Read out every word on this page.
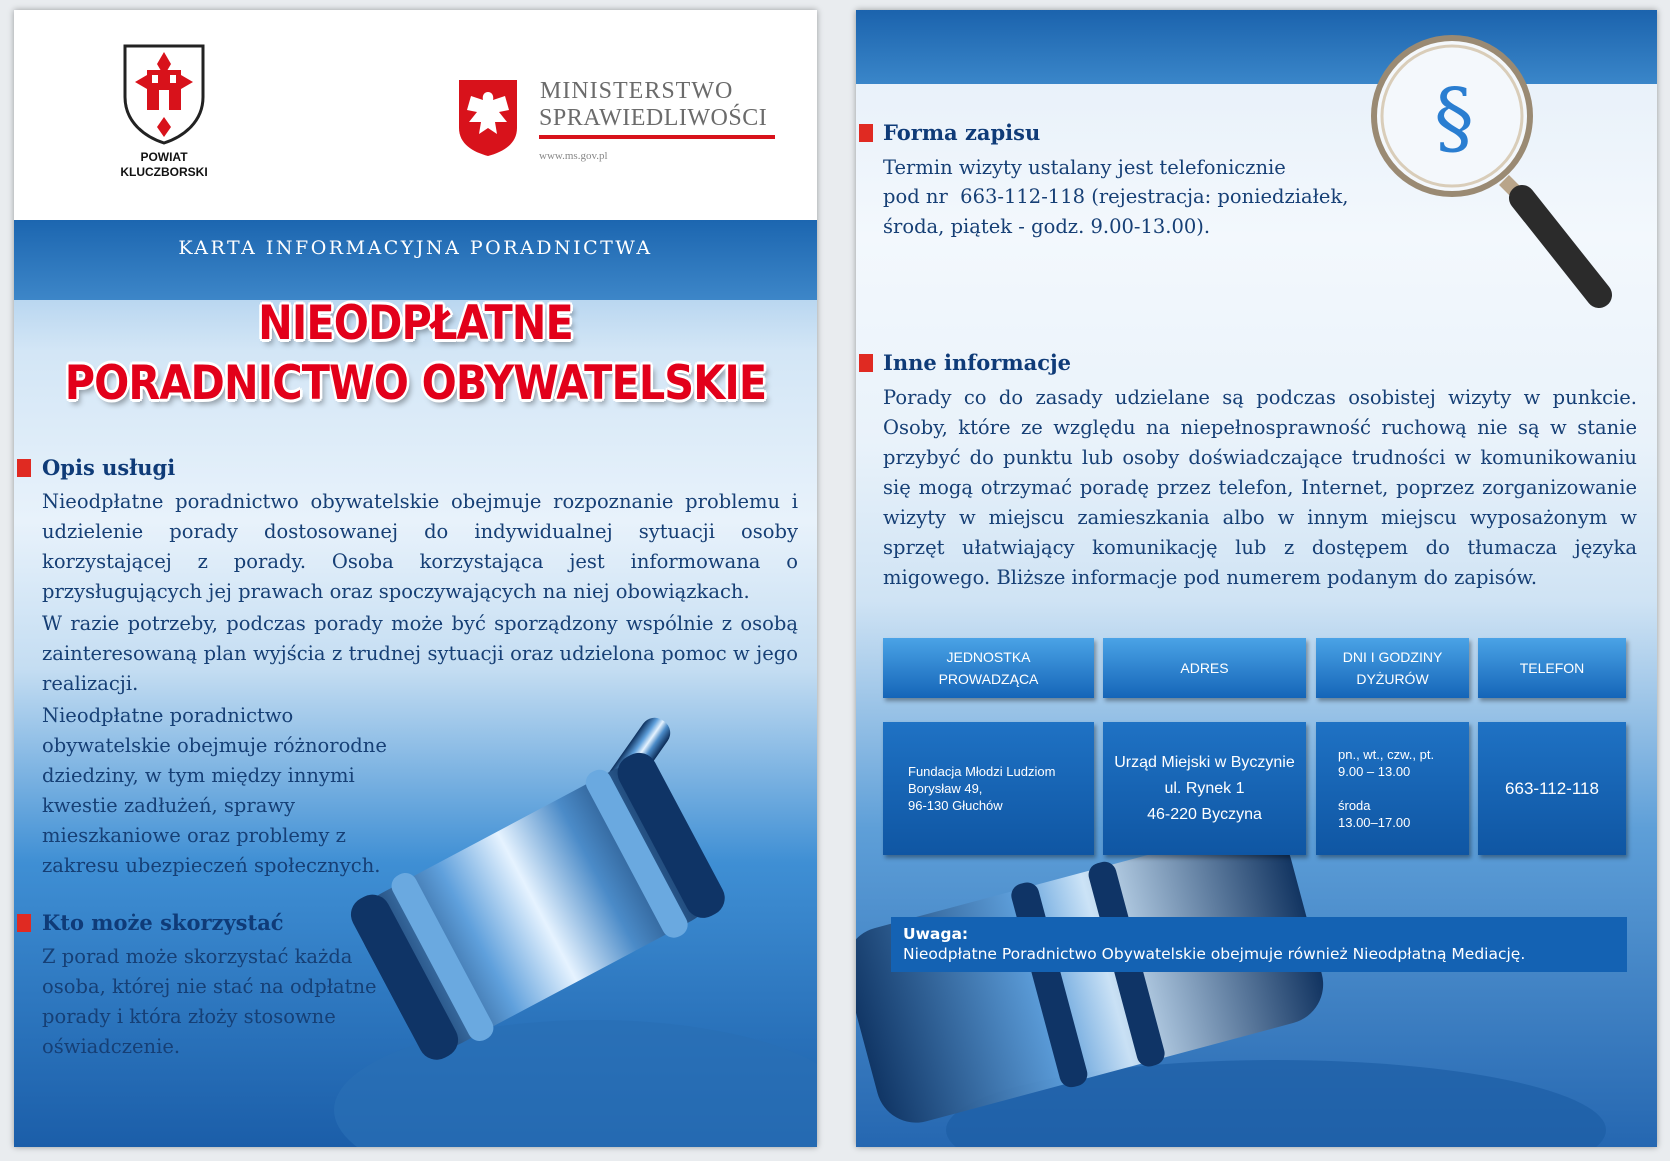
POWIAT
KLUCZBORSKI
MINISTERSTWO
SPRAWIEDLIWOŚCI
www.ms.gov.pl
KARTA INFORMACYJNA PORADNICTWA
NIEODPŁATNE
PORADNICTWO OBYWATELSKIE
Opis usługi
Nieodpłatne poradnictwo obywatelskie obejmuje rozpoznanie problemu i udzielenie porady dostosowanej do indywidualnej sytuacji osoby korzystającej z porady. Osoba korzystająca jest informowana o przysługujących jej prawach oraz spoczywających na niej obowiązkach.
W razie potrzeby, podczas porady może być sporządzony wspólnie z osobą zainteresowaną plan wyjścia z trudnej sytuacji oraz udzielona pomoc w jego realizacji.
Nieodpłatne poradnictwo obywatelskie obejmuje różnorodne dziedziny, w tym między innymi kwestie zadłużeń, sprawy mieszkaniowe oraz problemy z zakresu ubezpieczeń społecznych.
Kto może skorzystać
Z porad może skorzystać każda osoba, której nie stać na odpłatne porady i która złoży stosowne oświadczenie.
§
Forma zapisu
Termin wizyty ustalany jest telefonicznie
pod nr  663-112-118 (rejestracja: poniedziałek,
środa, piątek - godz. 9.00-13.00).
Inne informacje
Porady co do zasady udzielane są podczas osobistej wizyty w punkcie. Osoby, które ze względu na niepełnosprawność ruchową nie są w stanie przybyć do punktu lub osoby doświadczające trudności w komunikowaniu się mogą otrzymać poradę przez telefon, Internet, poprzez zorganizowanie wizyty w miejscu zamieszkania albo w innym miejscu wyposażonym w sprzęt ułatwiający komunikację lub z dostępem do tłumacza języka migowego. Bliższe informacje pod numerem podanym do zapisów.
JEDNOSTKA
PROWADZĄCA
ADRES
DNI I GODZINY
DYŻURÓW
TELEFON
Fundacja Młodzi Ludziom
Borysław 49,
96-130 Głuchów
Urząd Miejski w Byczynie
ul. Rynek 1
46-220 Byczyna
pn., wt., czw., pt.
9.00 – 13.00
środa
13.00–17.00
663-112-118
Uwaga:
Nieodpłatne Poradnictwo Obywatelskie obejmuje również Nieodpłatną Mediację.
